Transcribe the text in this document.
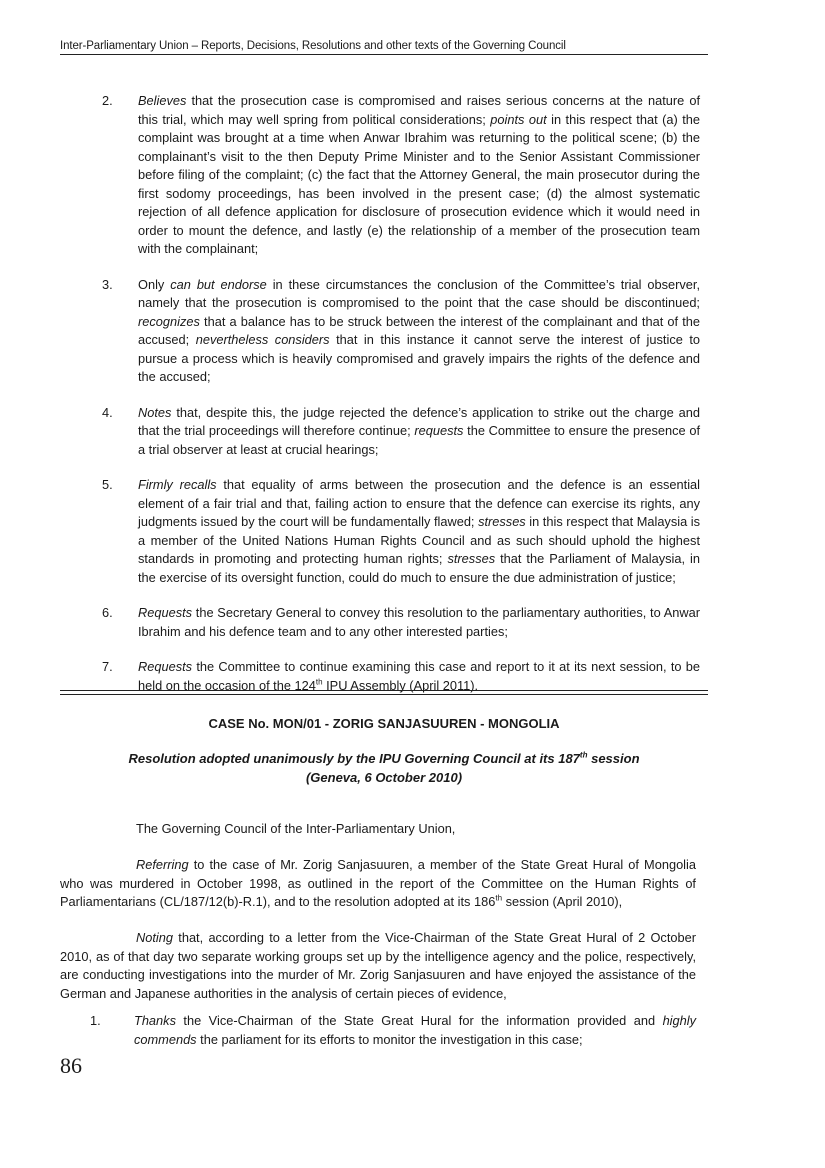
Inter-Parliamentary Union – Reports, Decisions, Resolutions and other texts of the Governing Council
2.	Believes that the prosecution case is compromised and raises serious concerns at the nature of this trial, which may well spring from political considerations; points out in this respect that (a) the complaint was brought at a time when Anwar Ibrahim was returning to the political scene; (b) the complainant’s visit to the then Deputy Prime Minister and to the Senior Assistant Commissioner before filing of the complaint; (c) the fact that the Attorney General, the main prosecutor during the first sodomy proceedings, has been involved in the present case; (d) the almost systematic rejection of all defence application for disclosure of prosecution evidence which it would need in order to mount the defence, and lastly (e) the relationship of a member of the prosecution team with the complainant;
3.	Only can but endorse in these circumstances the conclusion of the Committee’s trial observer, namely that the prosecution is compromised to the point that the case should be discontinued; recognizes that a balance has to be struck between the interest of the complainant and that of the accused; nevertheless considers that in this instance it cannot serve the interest of justice to pursue a process which is heavily compromised and gravely impairs the rights of the defence and the accused;
4.	Notes that, despite this, the judge rejected the defence’s application to strike out the charge and that the trial proceedings will therefore continue; requests the Committee to ensure the presence of a trial observer at least at crucial hearings;
5.	Firmly recalls that equality of arms between the prosecution and the defence is an essential element of a fair trial and that, failing action to ensure that the defence can exercise its rights, any judgments issued by the court will be fundamentally flawed; stresses in this respect that Malaysia is a member of the United Nations Human Rights Council and as such should uphold the highest standards in promoting and protecting human rights; stresses that the Parliament of Malaysia, in the exercise of its oversight function, could do much to ensure the due administration of justice;
6.	Requests the Secretary General to convey this resolution to the parliamentary authorities, to Anwar Ibrahim and his defence team and to any other interested parties;
7.	Requests the Committee to continue examining this case and report to it at its next session, to be held on the occasion of the 124th IPU Assembly (April 2011).
CASE No. MON/01 - ZORIG SANJASUUREN - MONGOLIA
Resolution adopted unanimously by the IPU Governing Council at its 187th session
(Geneva, 6 October 2010)
The Governing Council of the Inter-Parliamentary Union,
Referring to the case of Mr. Zorig Sanjasuuren, a member of the State Great Hural of Mongolia who was murdered in October 1998, as outlined in the report of the Committee on the Human Rights of Parliamentarians (CL/187/12(b)-R.1), and to the resolution adopted at its 186th session (April 2010),
Noting that, according to a letter from the Vice-Chairman of the State Great Hural of 2 October 2010, as of that day two separate working groups set up by the intelligence agency and the police, respectively, are conducting investigations into the murder of Mr. Zorig Sanjasuuren and have enjoyed the assistance of the German and Japanese authorities in the analysis of certain pieces of evidence,
1.	Thanks the Vice-Chairman of the State Great Hural for the information provided and highly commends the parliament for its efforts to monitor the investigation in this case;
86
